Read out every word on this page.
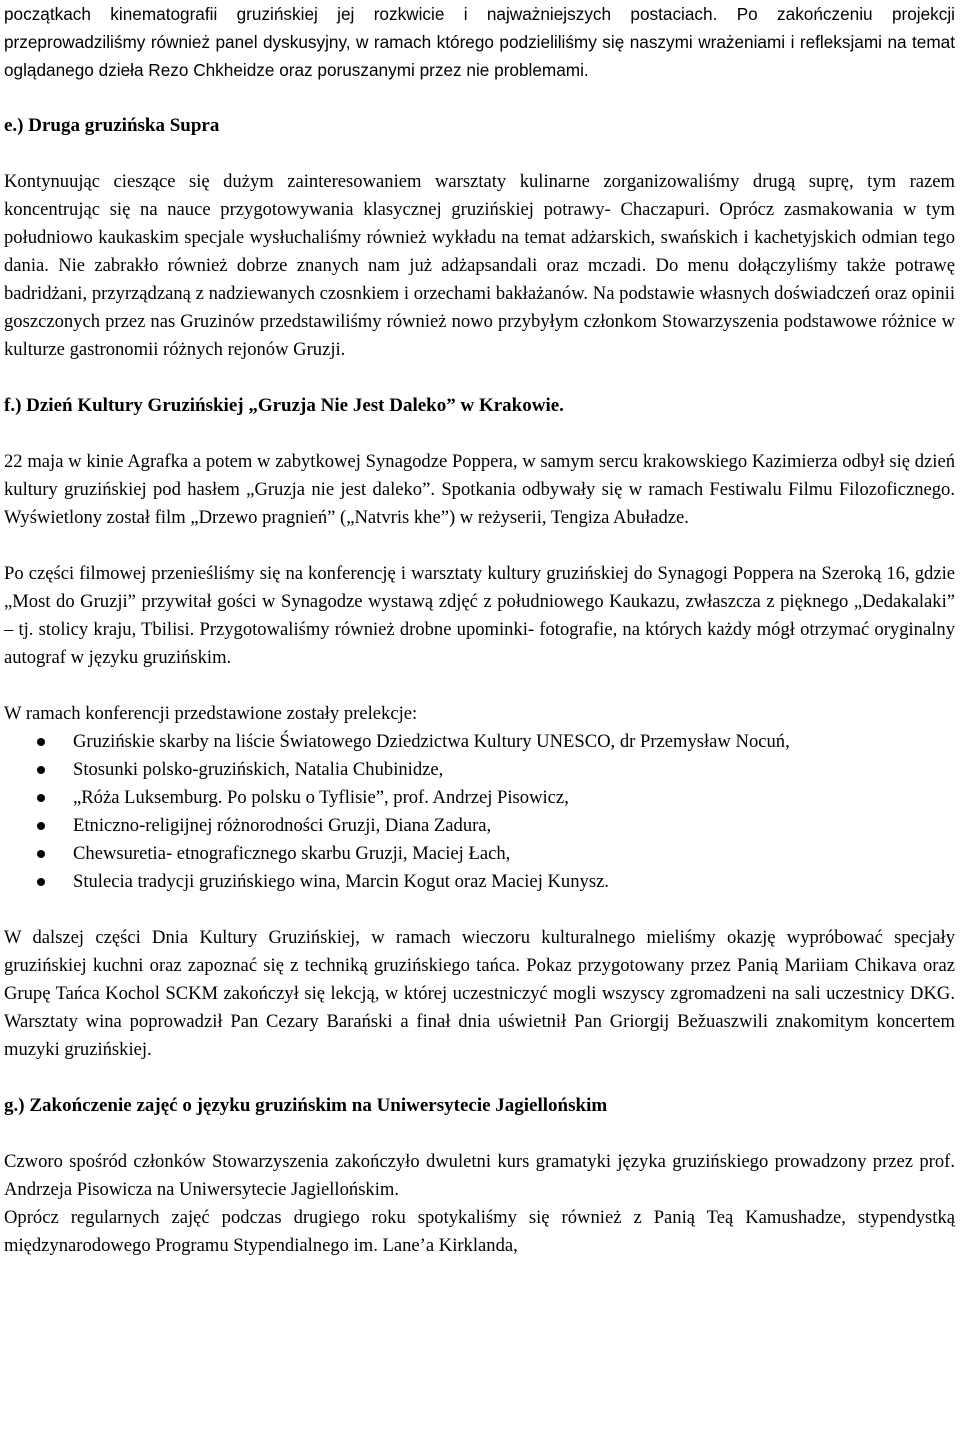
początkach kinematografii gruzińskiej jej rozkwicie i najważniejszych postaciach. Po zakończeniu projekcji przeprowadziliśmy również panel dyskusyjny, w ramach którego podzieliliśmy się naszymi wrażeniami i refleksjami na temat oglądanego dzieła Rezo Chkheidze oraz poruszanymi przez nie problemami.

e.) Druga gruzińska Supra

Kontynuując cieszące się dużym zainteresowaniem warsztaty kulinarne zorganizowaliśmy drugą suprę, tym razem koncentrując się na nauce przygotowywania klasycznej gruzińskiej potrawy- Chaczapuri. Oprócz zasmakowania w tym południowo kaukaskim specjale wysłuchaliśmy również wykładu na temat adżarskich, swańskich i kachetyjskich odmian tego dania. Nie zabrakło również dobrze znanych nam już adżapsandali oraz mczadi. Do menu dołączyliśmy także potrawę badridżani, przyrządzaną z nadziewanych czosnkiem i orzechami bakłażanów. Na podstawie własnych doświadczeń oraz opinii goszczonych przez nas Gruzinów przedstawiliśmy również nowo przybyłym członkom Stowarzyszenia podstawowe różnice w kulturze gastronomii różnych rejonów Gruzji.

f.) Dzień Kultury Gruzińskiej „Gruzja Nie Jest Daleko” w Krakowie.

22 maja w kinie Agrafka a potem w zabytkowej Synagodze Poppera, w samym sercu krakowskiego Kazimierza odbył się dzień kultury gruzińskiej pod hasłem „Gruzja nie jest daleko”. Spotkania odbywały się w ramach Festiwalu Filmu Filozoficznego. Wyświetlony został film „Drzewo pragnień” („Natvris khe”) w reżyserii, Tengiza Abuładze.

Po części filmowej przenieśliśmy się na konferencję i warsztaty kultury gruzińskiej do Synagogi Poppera na Szeroką 16, gdzie „Most do Gruzji” przywitał gości w Synagodze wystawą zdjęć z południowego Kaukazu, zwłaszcza z pięknego „Dedakalaki” – tj. stolicy kraju, Tbilisi. Przygotowaliśmy również drobne upominki- fotografie, na których każdy mógł otrzymać oryginalny autograf w języku gruzińskim.

W ramach konferencji przedstawione zostały prelekcje:

Gruzińskie skarby na liście Światowego Dziedzictwa Kultury UNESCO, dr Przemysław Nocuń,
Stosunki polsko-gruzińskich, Natalia Chubinidze,
„Róża Luksemburg. Po polsku o Tyflisie”, prof. Andrzej Pisowicz,
Etniczno-religijnej różnorodności Gruzji, Diana Zadura,
Chewsuretia- etnograficznego skarbu Gruzji, Maciej Łach,
Stulecia tradycji gruzińskiego wina, Marcin Kogut oraz Maciej Kunysz.

W dalszej części Dnia Kultury Gruzińskiej, w ramach wieczoru kulturalnego mieliśmy okazję wypróbować specjały gruzińskiej kuchni oraz zapoznać się z techniką gruzińskiego tańca. Pokaz przygotowany przez Panią Mariiam Chikava oraz Grupę Tańca Kochol SCKM zakończył się lekcją, w której uczestniczyć mogli wszyscy zgromadzeni na sali uczestnicy DKG. Warsztaty wina poprowadził Pan Cezary Barański a finał dnia uświetnił Pan Griorgij Bežuaszwili znakomitym koncertem muzyki gruzińskiej.

g.) Zakończenie zajęć o języku gruzińskim na Uniwersytecie Jagiellońskim

Czworo spośród członków Stowarzyszenia zakończyło dwuletni kurs gramatyki języka gruzińskiego prowadzony przez prof. Andrzeja Pisowicza na Uniwersytecie Jagiellońskim.

Oprócz regularnych zajęć podczas drugiego roku spotykaliśmy się również z Panią Teą Kamushadze, stypendystką międzynarodowego Programu Stypendialnego im. Lane’a Kirklanda,
